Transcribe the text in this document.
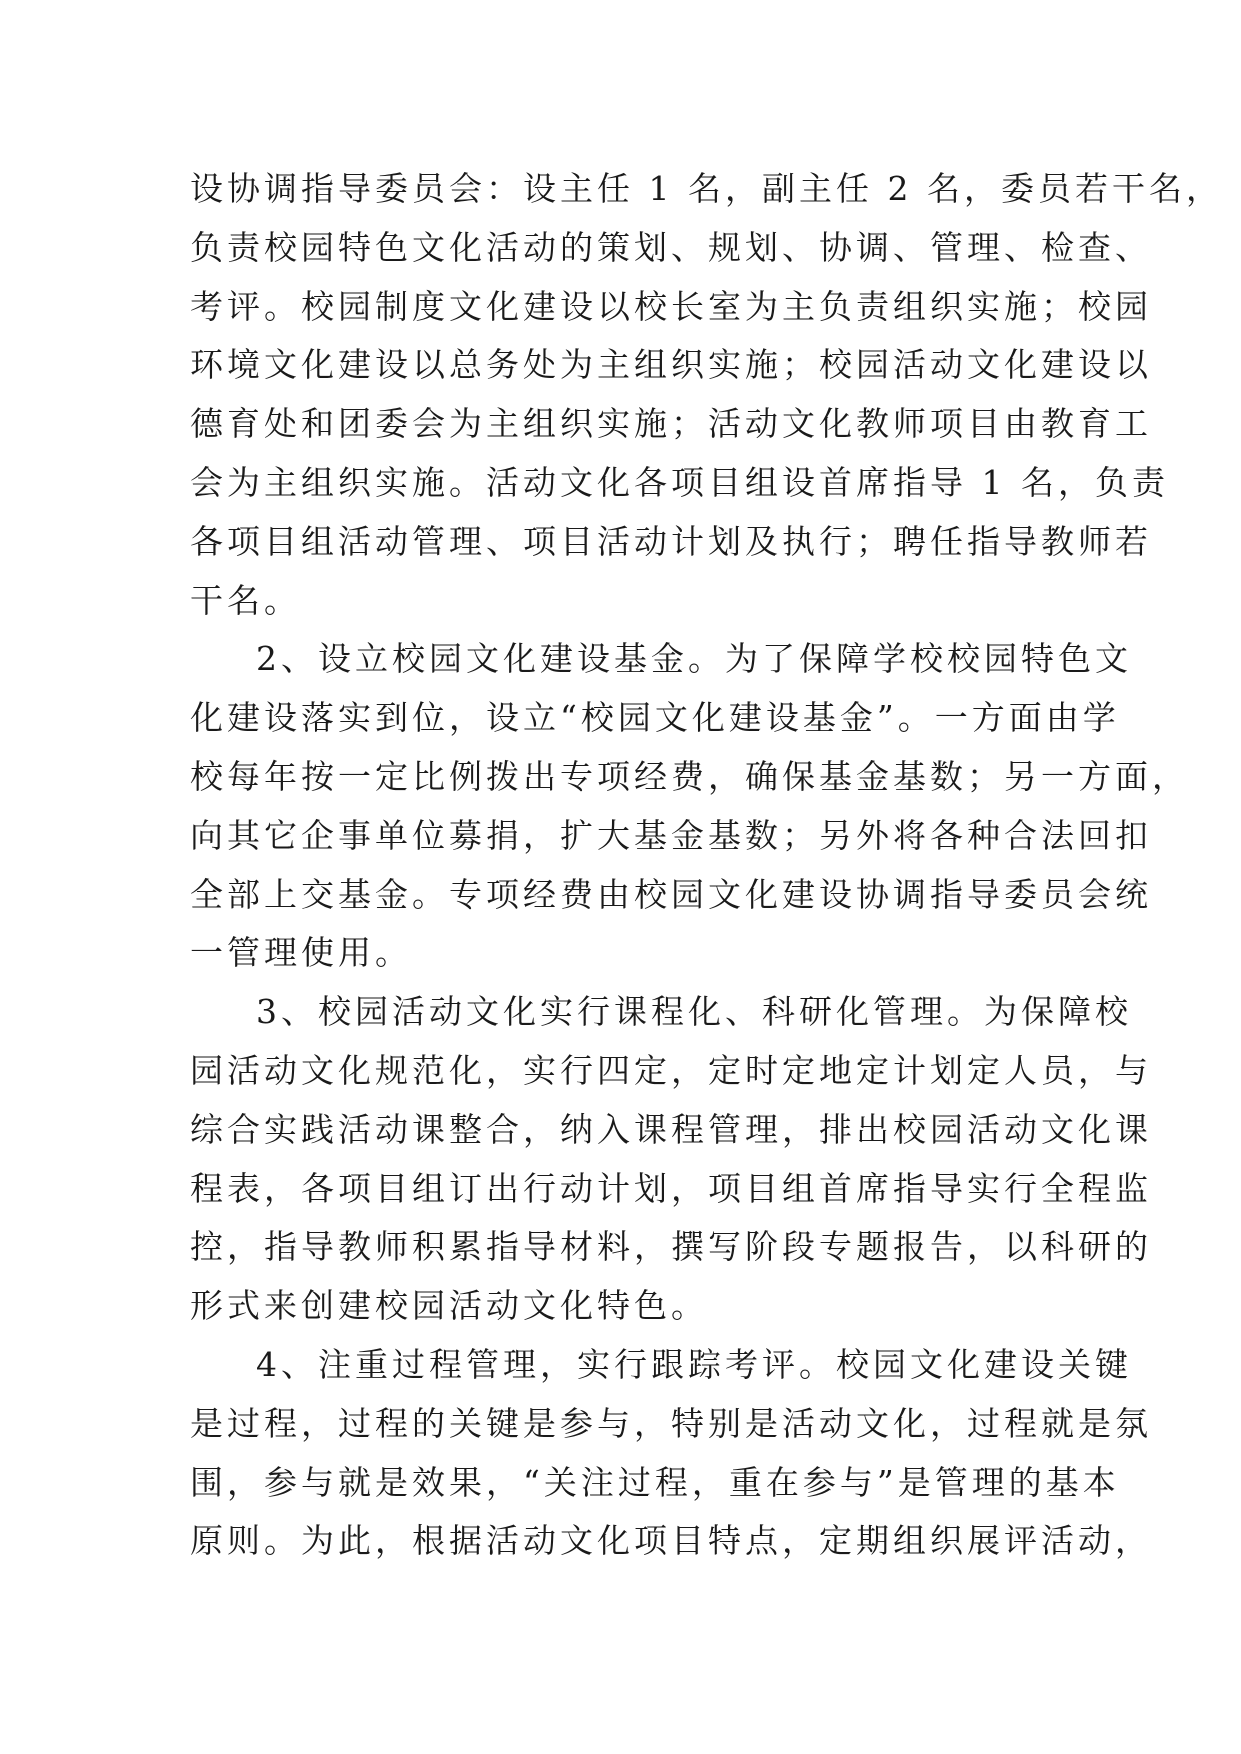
设协调指导委员会：设主任 1 名，副主任 2 名，委员若干名，
负责校园特色文化活动的策划、规划、协调、管理、检查、
考评。校园制度文化建设以校长室为主负责组织实施；校园
环境文化建设以总务处为主组织实施；校园活动文化建设以
德育处和团委会为主组织实施；活动文化教师项目由教育工
会为主组织实施。活动文化各项目组设首席指导 1 名，负责
各项目组活动管理、项目活动计划及执行；聘任指导教师若
干名。
2、设立校园文化建设基金。为了保障学校校园特色文
化建设落实到位，设立“校园文化建设基金”。一方面由学
校每年按一定比例拨出专项经费，确保基金基数；另一方面，
向其它企事单位募捐，扩大基金基数；另外将各种合法回扣
全部上交基金。专项经费由校园文化建设协调指导委员会统
一管理使用。
3、校园活动文化实行课程化、科研化管理。为保障校
园活动文化规范化，实行四定，定时定地定计划定人员，与
综合实践活动课整合，纳入课程管理，排出校园活动文化课
程表，各项目组订出行动计划，项目组首席指导实行全程监
控，指导教师积累指导材料，撰写阶段专题报告，以科研的
形式来创建校园活动文化特色。
4、注重过程管理，实行跟踪考评。校园文化建设关键
是过程，过程的关键是参与，特别是活动文化，过程就是氛
围，参与就是效果，“关注过程，重在参与”是管理的基本
原则。为此，根据活动文化项目特点，定期组织展评活动，
